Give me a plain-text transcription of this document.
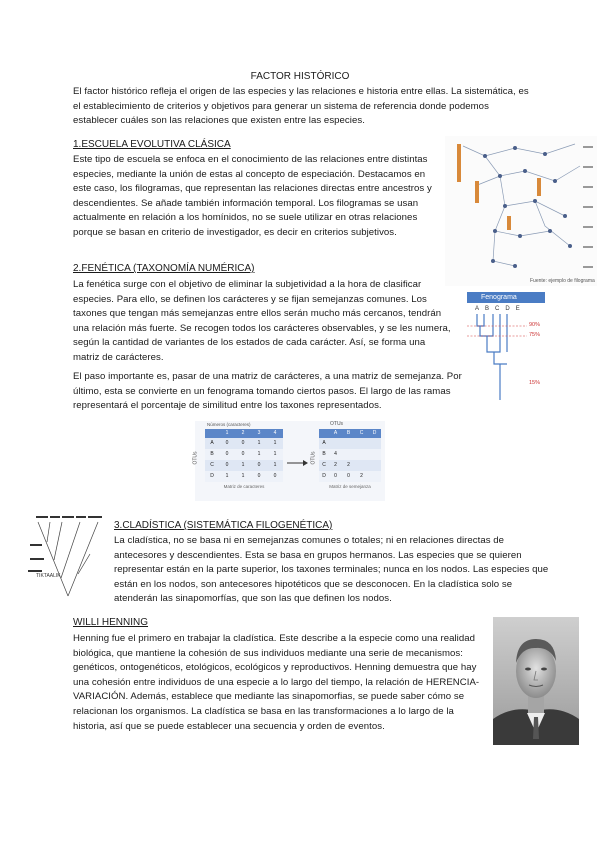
FACTOR HISTÓRICO
El factor histórico refleja el origen de las especies y las relaciones e historia entre ellas. La sistemática, es el establecimiento de criterios y objetivos para generar un sistema de referencia donde podemos establecer cuáles son las relaciones que existen entre las especies.
1.ESCUELA EVOLUTIVA CLÁSICA
Este tipo de escuela se enfoca en el conocimiento de las relaciones entre distintas especies, mediante la unión de estas al concepto de especiación. Destacamos en este caso, los filogramas, que representan las relaciones directas entre ancestros y descendientes. Se añade también información temporal. Los filogramas se usan actualmente en relación a los homínidos, no se suele utilizar en otras relaciones porque se basan en criterio de investigador, es decir en criterios subjetivos.
Fuente: ejemplo de filograma
2.FENÉTICA (TAXONOMÍA NUMÉRICA)
La fenética surge con el objetivo de eliminar la subjetividad a la hora de clasificar especies. Para ello, se definen los carácteres y se fijan semejanzas comunes. Los taxones que tengan más semejanzas entre ellos serán mucho más cercanos, tendrán una relación más fuerte. Se recogen todos los carácteres observables, y se les numera, según la cantidad de variantes de los estados de cada carácter. Así, se forma una matriz de carácteres.
El paso importante es, pasar de una matriz de carácteres, a una matriz de semejanza. Por último, esta se convierte en un fenograma tomando ciertos pasos. El largo de las ramas representará el porcentaje de similitud entre los taxones representados.
Fenograma
ABCDE
90%
75%
15%
Números (caracteres)	OTUs
OTUs	OTUs
1	2	3	4
A	0	0	1	1
B	0	0	1	1
C	0	1	0	1
D	1	1	0	0
Matriz de caracteres
A	B	C	D
A
B	4
C	2	2
D	0	0	2
Matriz de semejanza
TIKTAALIK
3.CLADÍSTICA (SISTEMÁTICA FILOGENÉTICA)
La cladística, no se basa ni en semejanzas comunes o totales; ni en relaciones directas de antecesores y descendientes. Esta se basa en grupos hermanos. Las especies que se quieren representar están en la parte superior, los taxones terminales; nunca en los nodos. Las especies que están en los nodos, son antecesores hipotéticos que se desconocen. En la cladística solo se atenderán las sinapomorfías, que son las que definen los nodos.
WILLI HENNING
Henning fue el primero en trabajar la cladística. Este describe a la especie como una realidad biológica, que mantiene la cohesión de sus individuos mediante una serie de mecanismos: genéticos, ontogenéticos, etológicos, ecológicos y reproductivos. Henning demuestra que hay una cohesión entre individuos de una especie a lo largo del tiempo, la relación de HERENCIA-VARIACIÓN. Además, establece que mediante las sinapomorfias, se puede saber cómo se relacionan los organismos. La cladística se basa en las transformaciones a lo largo de la historia, así que se puede establecer una secuencia y orden de eventos.
